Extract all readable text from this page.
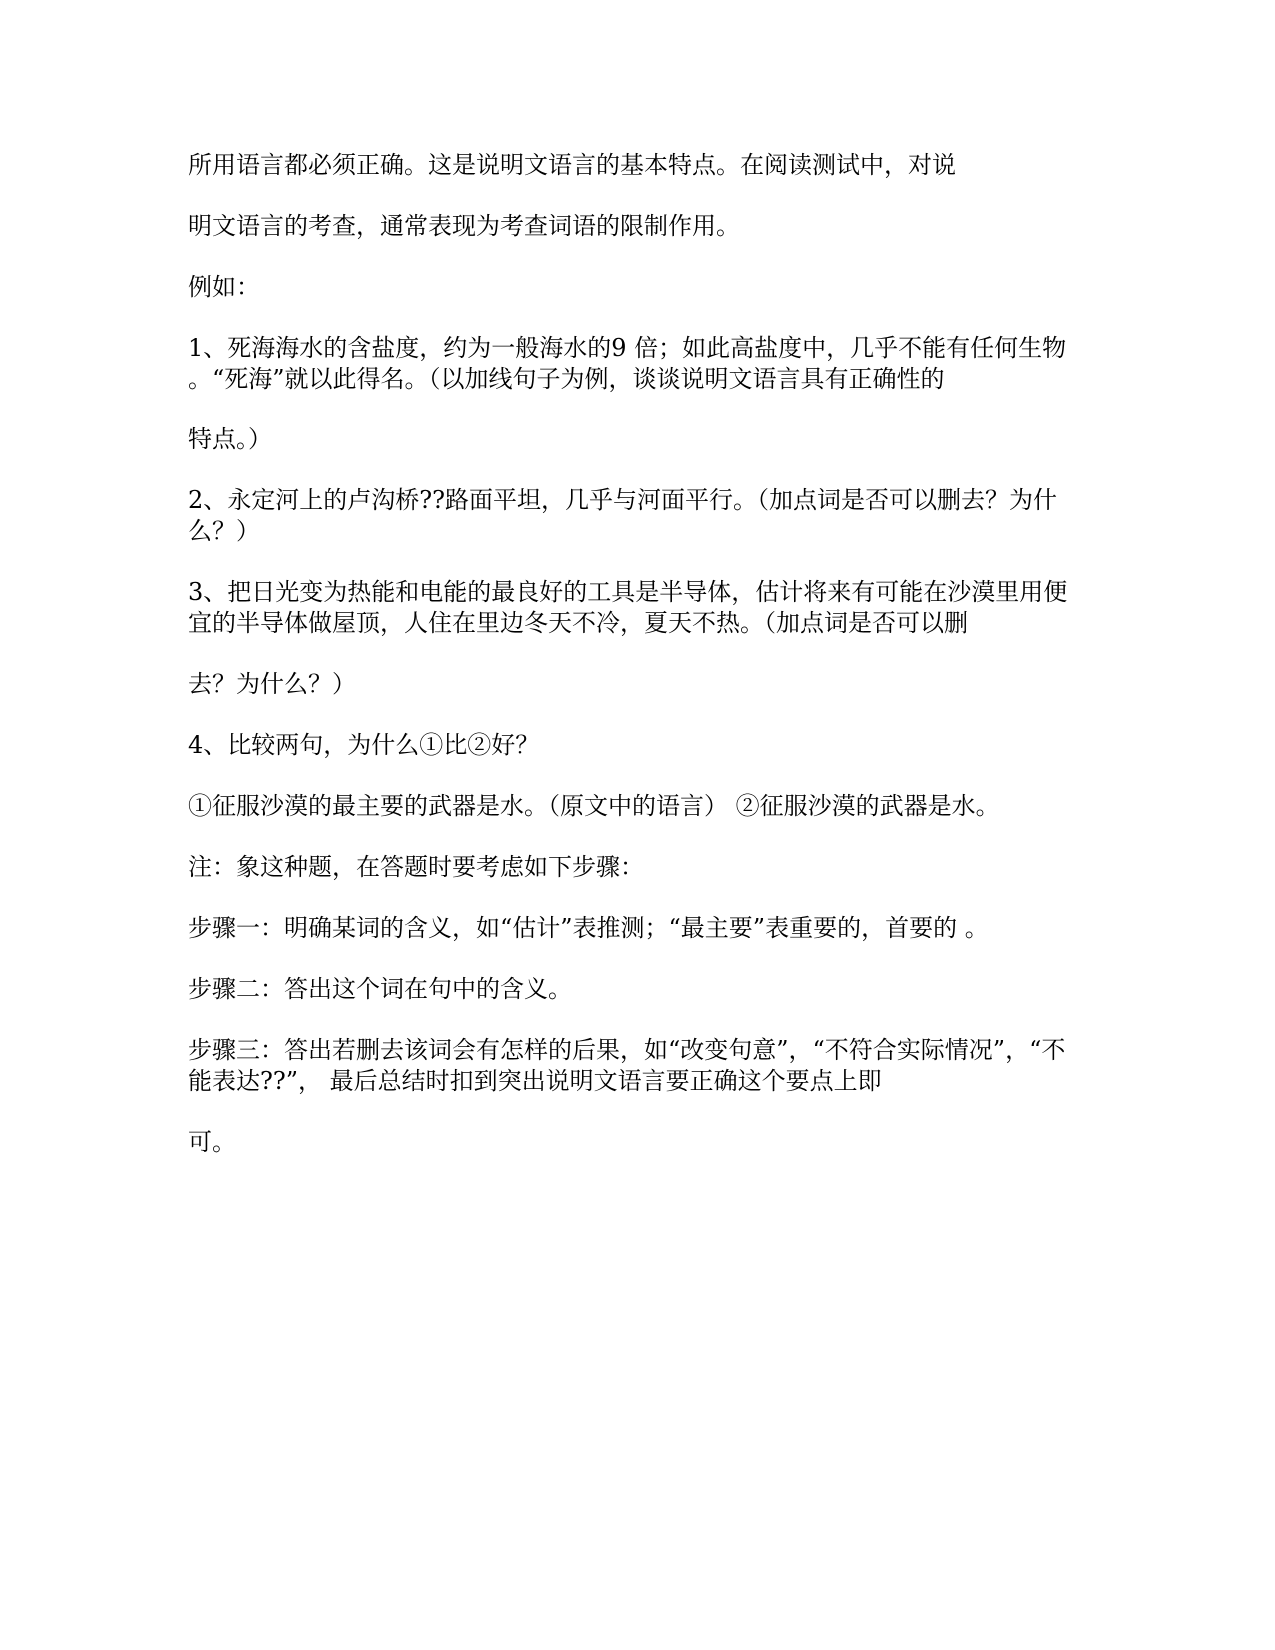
所用语言都必须正确。这是说明文语言的基本特点。在阅读测试中，对说
明文语言的考查，通常表现为考查词语的限制作用。
例如：
1、死海海水的含盐度，约为一般海水的9 倍；如此高盐度中，几乎不能有任何生物
。“死海”就以此得名。（以加线句子为例，谈谈说明文语言具有正确性的
特点。）
2、永定河上的卢沟桥??路面平坦，几乎与河面平行。（加点词是否可以删去？为什
么？）
3、把日光变为热能和电能的最良好的工具是半导体，估计将来有可能在沙漠里用便
宜的半导体做屋顶，人住在里边冬天不冷，夏天不热。（加点词是否可以删
去？为什么？）
4、比较两句，为什么①比②好？
①征服沙漠的最主要的武器是水。（原文中的语言） ②征服沙漠的武器是水。
注：象这种题，在答题时要考虑如下步骤：
步骤一：明确某词的含义，如“估计”表推测；“最主要”表重要的，首要的 。
步骤二：答出这个词在句中的含义。
步骤三：答出若删去该词会有怎样的后果，如“改变句意”，“不符合实际情况”，“不
能表达??”， 最后总结时扣到突出说明文语言要正确这个要点上即
可。
